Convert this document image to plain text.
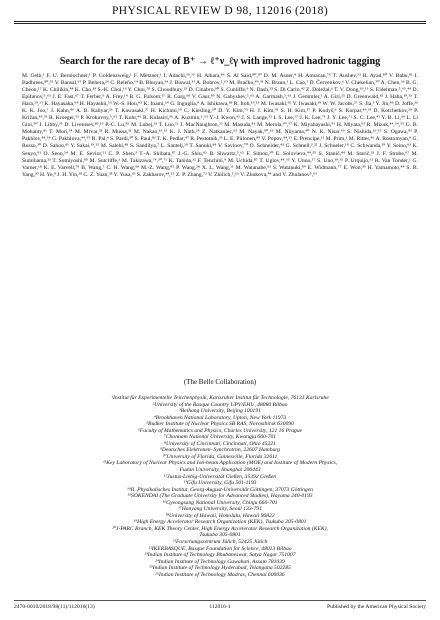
PHYSICAL REVIEW D 98, 112016 (2018)
Search for the rare decay of B⁺ → ℓ⁺ν_ℓγ with improved hadronic tagging
M. Gelb,¹ F. U. Bernlochner,¹ P. Goldenzweig,¹ F. Metzner,¹ I. Adachi,¹⁹,¹⁵ H. Aihara,⁸⁶ S. Al Said,⁸⁰,³⁰ D. M. Asner,⁴ H. Atmacan,⁷⁶ T. Aushev,⁵³ R. Ayad,⁸⁰ V. Babu,⁸¹ I. Badhrees,⁸⁰,³⁵ V. Bansal,⁶⁷ P. Behera,²⁶ C. Beleño,¹⁴ B. Bhuyan,²⁴ J. Biswal,³³ A. Bobrov,⁵,⁶⁵ M. Bračko,⁴⁹,³³ N. Braun,¹ L. Cao,¹ D. Červenkov,⁶ V. Chekelian,⁵⁰ A. Chen,⁵⁶ B. G. Cheon,¹⁷ K. Chilikin,⁴⁴ K. Cho,³⁸ S.-K. Choi,¹⁶ Y. Choi,⁷⁸ S. Choudhury,²⁵ D. Cinabro,⁹⁰ S. Cunliffe,⁹ N. Dash,²³ S. Di Carlo,⁴² Z. Doležal,⁶ T. V. Dong,¹⁹,¹⁵ S. Eidelman,⁵,⁶⁵,⁴⁴ D. Epifanov,⁵,⁶⁵ J. E. Fast,⁶⁷ T. Ferber,⁹ A. Frey,¹⁴ B. G. Fulsom,⁶⁷ R. Garg,⁶⁸ V. Gaur,⁸⁹ N. Gabyshev,⁵,⁶⁵ A. Garmash,⁵,⁶⁵ J. Gemmler,¹ A. Giri,²⁵ D. Greenwald,⁸² J. Haba,¹⁹,¹⁵ T. Hara,¹⁹,¹⁵ K. Hayasaka,⁶⁴ H. Hayashii,⁵⁵ W.-S. Hou,⁸⁵ K. Inami,⁵⁴ G. Inguglia,⁹ A. Ishikawa,⁸³ R. Itoh,¹⁹,¹⁵ M. Iwasaki,⁶⁶ Y. Iwasaki,¹⁹ W. W. Jacobs,²⁷ S. Jia,³ Y. Jin,⁸⁶ D. Joffe,³⁶ K. K. Joo,⁷ J. Kahn,⁴⁶ A. B. Kaliyar,²⁶ T. Kawasaki,³⁷ H. Kichimi,¹⁹ C. Kiesling,⁵⁰ D. Y. Kim,⁷³ H. J. Kim,⁴¹ S. H. Kim,¹⁷ P. Kodyš,⁶ S. Korpar,⁴⁹,³³ D. Kotchetkov,¹⁸ P. Križan,⁴⁵,³³ R. Kroeger,⁵² P. Krokovny,⁵,⁶⁵ T. Kuhr,⁴⁶ R. Kulasiri,³⁶ A. Kuzmin,⁵,⁶⁵ Y.-J. Kwon,⁹² J. S. Lange,¹² I. S. Lee,¹⁷ J. K. Lee,⁷¹ J. Y. Lee,⁷¹ S. C. Lee,⁴¹ Y. B. Li,⁶⁹ L. Li Gioi,⁵⁰ J. Libby,²⁶ D. Liventsev,⁸⁹,¹⁹ P.-C. Lu,⁸⁵ M. Lubej,³³ T. Luo,¹¹ J. MacNaughton,⁵³ M. Masuda,⁸⁵ M. Merola,³⁰,⁵⁷ K. Miyabayashi,⁵⁵ H. Miyata,⁶³ R. Mizuk,⁴⁴,⁵⁴,⁵⁵ G. B. Mohanty,⁸¹ T. Mori,⁵⁴ M. Mrvar,³³ R. Mussa,³¹ M. Nakao,¹⁹,¹⁵ K. J. Nath,²⁴ Z. Natkaniec,⁶² M. Nayak,⁹⁰,¹⁹ M. Niiyama,⁴⁰ N. K. Nisar,⁶⁹ S. Nishida,¹⁹,¹⁵ S. Ogawa,⁸³ P. Pakhlov,⁴⁴,⁵⁴ G. Pakhlova,⁴⁴,⁵⁵ B. Pal,⁴ S. Pardi,³⁰ S. Paul,⁸² T. K. Pedlar,⁴⁷ R. Pestotnik,³³ L. E. Piilonen,⁸⁹ V. Popov,⁴⁴,⁵⁵ E. Prencipe,²¹ M. Prim,¹ M. Ritter,⁴⁶ A. Rostomyan,⁹ G. Russo,³⁰ D. Sahoo,⁸¹ Y. Sakai,¹⁹,¹⁵ M. Salehi,⁴⁸ S. Sandilya,⁷ L. Santelj,¹⁹ T. Sanuki,⁸⁴ V. Savinov,⁷⁰ O. Schneider,⁴³ G. Schnell,²,²² J. Schueler,¹⁸ C. Schwanda,²⁹ Y. Seino,⁶³ K. Senyo,⁹¹ O. Seon,⁵⁴ M. E. Sevior,⁵¹ C. P. Shen,³ T.-A. Shibata,⁸⁷ J.-G. Shiu,⁸⁵ B. Shwartz,⁵,⁶⁵ F. Simon,⁵⁰ E. Solovieva,⁴⁴,⁵⁵ S. Stanič,⁴⁴ M. Starič,³³ J. F. Strube,⁶⁷ M. Sumihama,¹³ T. Sumiyoshi,⁸⁸ M. Sutcliffe,¹ M. Takizawa,⁷⁴,²⁰,⁷¹ K. Tanida,³² F. Tenchini,⁹ M. Uchida,⁸⁷ T. Uglov,⁴⁴,⁵⁵ Y. Unno,¹⁷ S. Uno,¹⁹,¹⁵ P. Urquijo,⁵¹ R. Van Tonder,¹ G. Varner,¹⁸ K. E. Varvell,⁷⁹ B. Wang,⁷ C. H. Wang,⁵⁸ M.-Z. Wang,⁸⁵ P. Wang,²⁸ X. L. Wang,¹¹ M. Watanabe,⁶³ S. Watanuki,⁸⁴ E. Widmann,⁷⁷ E. Won,³⁹ H. Yamamoto,⁸⁴ S. B. Yang,³⁹ H. Ye,⁹ J. H. Yin,²⁸ C. Z. Yuan,²⁸ Y. Yusa,⁶³ S. Zakharov,⁴⁴,⁵⁵ Z. P. Zhang,⁷² V. Zhilich,⁵,⁶⁵ V. Zhukova,⁴⁴ and V. Zhulanov⁵,⁶⁵
(The Belle Collaboration)
¹Institut für Experimentelle Teilchenphysik, Karlsruher Institut für Technologie, 76131 Karlsruhe
²University of the Basque Country UPV/EHU, 48080 Bilbao
³Beihang University, Beijing 100191
⁴Brookhaven National Laboratory, Upton, New York 11973
⁵Budker Institute of Nuclear Physics SB RAS, Novosibirsk 630090
⁶Faculty of Mathematics and Physics, Charles University, 121 16 Prague
⁷Chonnam National University, Kwangju 660-701
⁸University of Cincinnati, Cincinnati, Ohio 45221
⁹Deutsches Elektronen–Synchrotron, 22607 Hamburg
¹⁰University of Florida, Gainesville, Florida 32611
¹¹Key Laboratory of Nuclear Physics and Ion-beam Application (MOE) and Institute of Modern Physics,
Fudan University, Shanghai 200443
¹²Justus-Liebig-Universität Gießen, 35392 Gießen
¹³Gifu University, Gifu 501-1193
¹⁴II. Physikalisches Institut, Georg-August-Universität Göttingen, 37073 Göttingen
¹⁵SOKENDAI (The Graduate University for Advanced Studies), Hayama 240-0193
¹⁶Gyeongsang National University, Chinju 660-701
¹⁷Hanyang University, Seoul 133-791
¹⁸University of Hawaii, Honolulu, Hawaii 96822
¹⁹High Energy Accelerator Research Organization (KEK), Tsukuba 305-0801
²⁰J-PARC Branch, KEK Theory Center, High Energy Accelerator Research Organization (KEK),
Tsukuba 305-0801
²¹Forschungszentrum Jülich, 52425 Jülich
²²IKERBASQUE, Basque Foundation for Science, 48013 Bilbao
²³Indian Institute of Technology Bhubaneswar, Satya Nagar 751007
²⁴Indian Institute of Technology Guwahati, Assam 781039
²⁵Indian Institute of Technology Hyderabad, Telangana 502285
²⁶Indian Institute of Technology Madras, Chennai 600036
2470-0010/2018/98(11)/112016(13)	112016-1	Published by the American Physical Society
